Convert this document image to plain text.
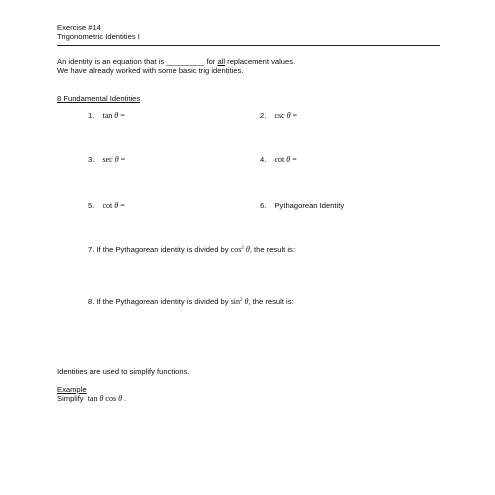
Exercise #14
Trigonometric Identities I
An identity is an equation that is _________ for all replacement values.
We have already worked with some basic trig identities.
8 Fundamental Identities
1. tan θ =	2. csc θ =
3. sec θ =	4. cot θ =
5. cot θ =	6. Pythagorean Identity
7. If the Pythagorean identity is divided by $\cos^2 \theta$, the result is:
8. If the Pythagorean identity is divided by $\sin^2 \theta$, the result is:
Identities are used to simplify functions.
Example
Simplify tan θ cos θ .
